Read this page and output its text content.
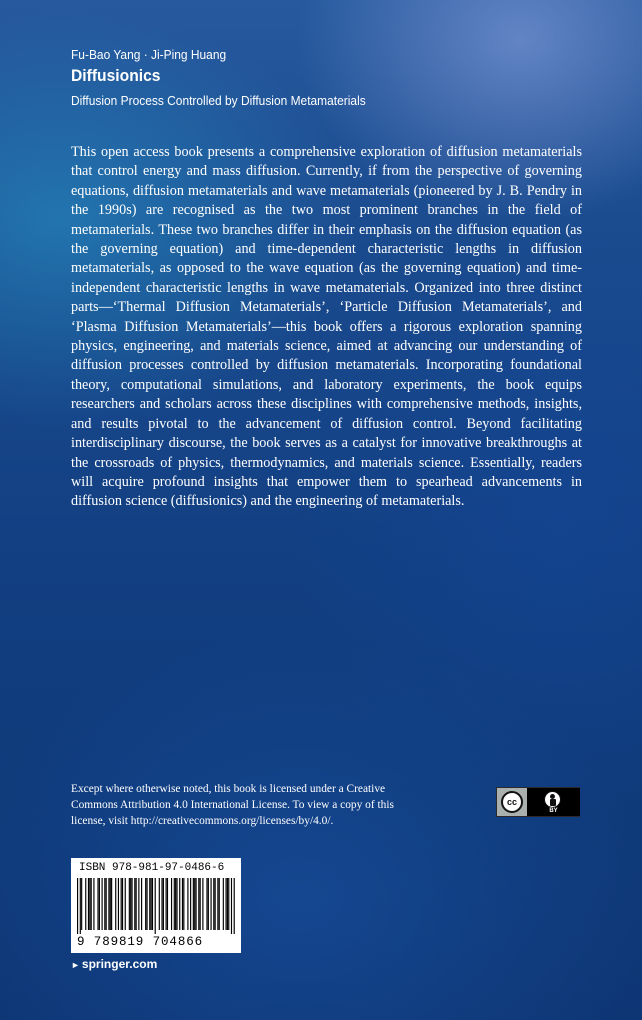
Fu-Bao Yang · Ji-Ping Huang
Diffusionics
Diffusion Process Controlled by Diffusion Metamaterials

This open access book presents a comprehensive exploration of diffusion metamaterials that control energy and mass diffusion. Currently, if from the perspective of governing equations, diffusion metamaterials and wave metamaterials (pioneered by J. B. Pendry in the 1990s) are recognised as the two most prominent branches in the field of metamaterials. These two branches differ in their emphasis on the diffusion equation (as the governing equation) and time-dependent characteristic lengths in diffusion metamaterials, as opposed to the wave equation (as the governing equation) and time-independent characteristic lengths in wave metamaterials. Organized into three distinct parts—‘Thermal Diffusion Metamaterials’, ‘Particle Diffusion Metamaterials’, and ‘Plasma Diffusion Metamaterials’—this book offers a rigorous exploration spanning physics, engineering, and materials science, aimed at advancing our understanding of diffusion processes controlled by diffusion metamaterials. Incorporating foundational theory, computational simulations, and laboratory experiments, the book equips researchers and scholars across these disciplines with comprehensive methods, insights, and results pivotal to the advancement of diffusion control. Beyond facilitating interdisciplinary discourse, the book serves as a catalyst for innovative breakthroughs at the crossroads of physics, thermodynamics, and materials science. Essentially, readers will acquire profound insights that empower them to spearhead advancements in diffusion science (diffusionics) and the engineering of metamaterials.

Except where otherwise noted, this book is licensed under a Creative Commons Attribution 4.0 International License. To view a copy of this license, visit http://creativecommons.org/licenses/by/4.0/.

cc
BY
ISBN 978-981-97-0486-6
9 789819 704866
► springer.com
